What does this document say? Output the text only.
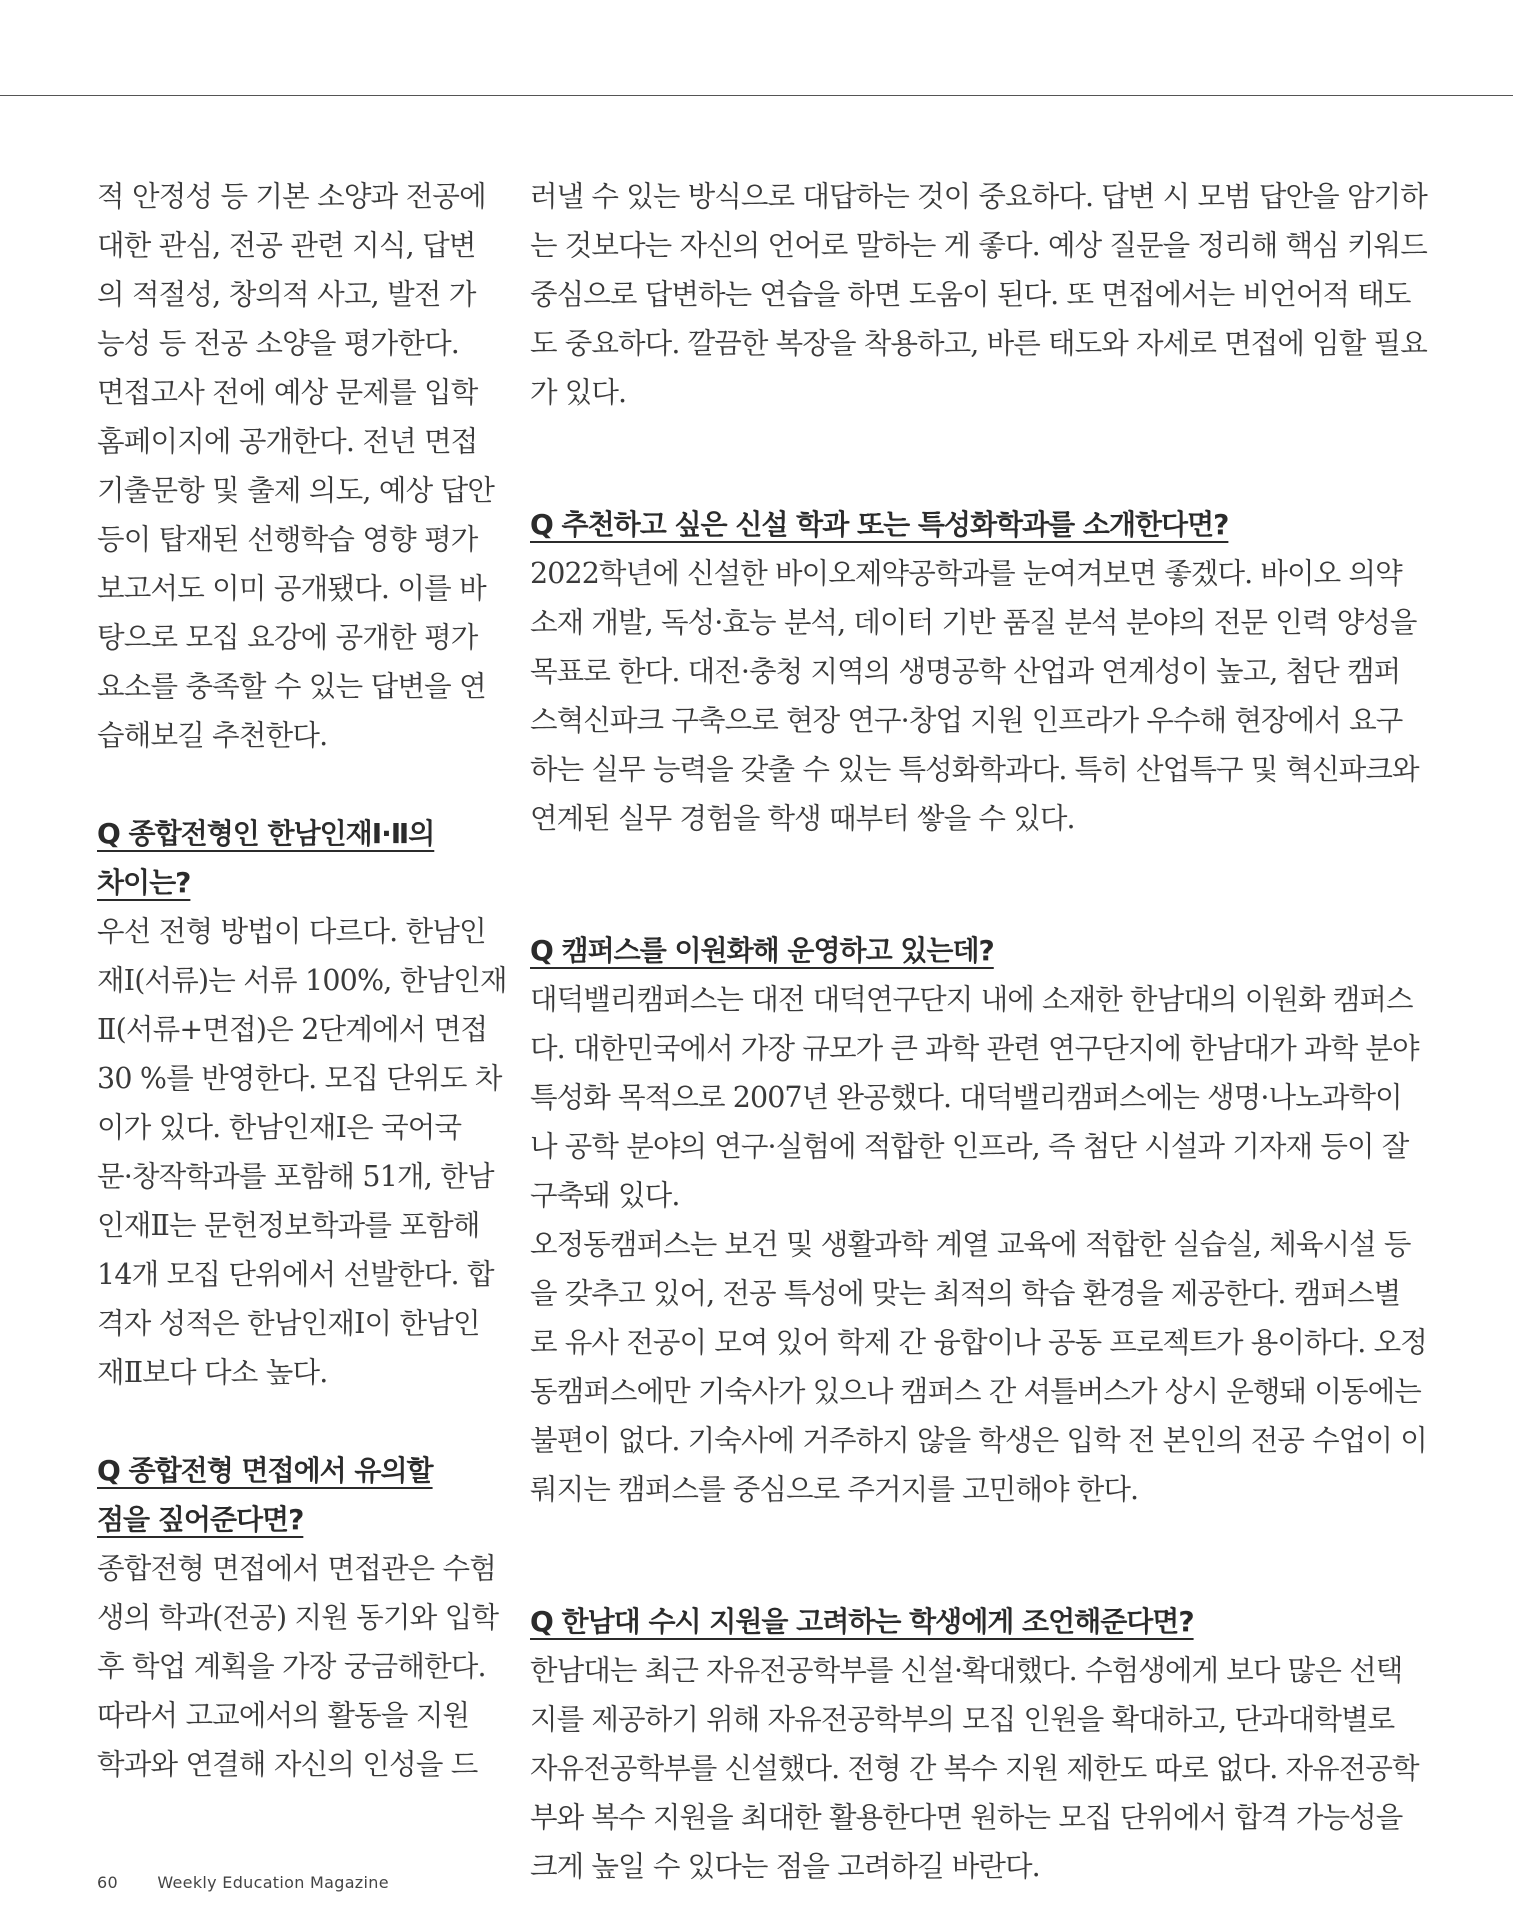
적 안정성 등 기본 소양과 전공에
대한 관심, 전공 관련 지식, 답변
의 적절성, 창의적 사고, 발전 가
능성 등 전공 소양을 평가한다.
면접고사 전에 예상 문제를 입학
홈페이지에 공개한다. 전년 면접
기출문항 및 출제 의도, 예상 답안
등이 탑재된 선행학습 영향 평가
보고서도 이미 공개됐다. 이를 바
탕으로 모집 요강에 공개한 평가
요소를 충족할 수 있는 답변을 연
습해보길 추천한다.
Q 종합전형인 한남인재Ⅰ·Ⅱ의
차이는?
우선 전형 방법이 다르다. 한남인
재Ⅰ(서류)는 서류 100%, 한남인재
Ⅱ(서류+면접)은 2단계에서 면접
30 %를 반영한다. 모집 단위도 차
이가 있다. 한남인재Ⅰ은 국어국
문·창작학과를 포함해 51개, 한남
인재Ⅱ는 문헌정보학과를 포함해
14개 모집 단위에서 선발한다. 합
격자 성적은 한남인재Ⅰ이 한남인
재Ⅱ보다 다소 높다.
Q 종합전형 면접에서 유의할
점을 짚어준다면?
종합전형 면접에서 면접관은 수험
생의 학과(전공) 지원 동기와 입학
후 학업 계획을 가장 궁금해한다.
따라서 고교에서의 활동을 지원
학과와 연결해 자신의 인성을 드
러낼 수 있는 방식으로 대답하는 것이 중요하다. 답변 시 모범 답안을 암기하
는 것보다는 자신의 언어로 말하는 게 좋다. 예상 질문을 정리해 핵심 키워드
중심으로 답변하는 연습을 하면 도움이 된다. 또 면접에서는 비언어적 태도
도 중요하다. 깔끔한 복장을 착용하고, 바른 태도와 자세로 면접에 임할 필요
가 있다.
Q 추천하고 싶은 신설 학과 또는 특성화학과를 소개한다면?
2022학년에 신설한 바이오제약공학과를 눈여겨보면 좋겠다. 바이오 의약
소재 개발, 독성·효능 분석, 데이터 기반 품질 분석 분야의 전문 인력 양성을
목표로 한다. 대전·충청 지역의 생명공학 산업과 연계성이 높고, 첨단 캠퍼
스혁신파크 구축으로 현장 연구·창업 지원 인프라가 우수해 현장에서 요구
하는 실무 능력을 갖출 수 있는 특성화학과다. 특히 산업특구 및 혁신파크와
연계된 실무 경험을 학생 때부터 쌓을 수 있다.
Q 캠퍼스를 이원화해 운영하고 있는데?
대덕밸리캠퍼스는 대전 대덕연구단지 내에 소재한 한남대의 이원화 캠퍼스
다. 대한민국에서 가장 규모가 큰 과학 관련 연구단지에 한남대가 과학 분야
특성화 목적으로 2007년 완공했다. 대덕밸리캠퍼스에는 생명·나노과학이
나 공학 분야의 연구·실험에 적합한 인프라, 즉 첨단 시설과 기자재 등이 잘
구축돼 있다.
오정동캠퍼스는 보건 및 생활과학 계열 교육에 적합한 실습실, 체육시설 등
을 갖추고 있어, 전공 특성에 맞는 최적의 학습 환경을 제공한다. 캠퍼스별
로 유사 전공이 모여 있어 학제 간 융합이나 공동 프로젝트가 용이하다. 오정
동캠퍼스에만 기숙사가 있으나 캠퍼스 간 셔틀버스가 상시 운행돼 이동에는
불편이 없다. 기숙사에 거주하지 않을 학생은 입학 전 본인의 전공 수업이 이
뤄지는 캠퍼스를 중심으로 주거지를 고민해야 한다.
Q 한남대 수시 지원을 고려하는 학생에게 조언해준다면?
한남대는 최근 자유전공학부를 신설·확대했다. 수험생에게 보다 많은 선택
지를 제공하기 위해 자유전공학부의 모집 인원을 확대하고, 단과대학별로
자유전공학부를 신설했다. 전형 간 복수 지원 제한도 따로 없다. 자유전공학
부와 복수 지원을 최대한 활용한다면 원하는 모집 단위에서 합격 가능성을
크게 높일 수 있다는 점을 고려하길 바란다.
60 Weekly Education Magazine
